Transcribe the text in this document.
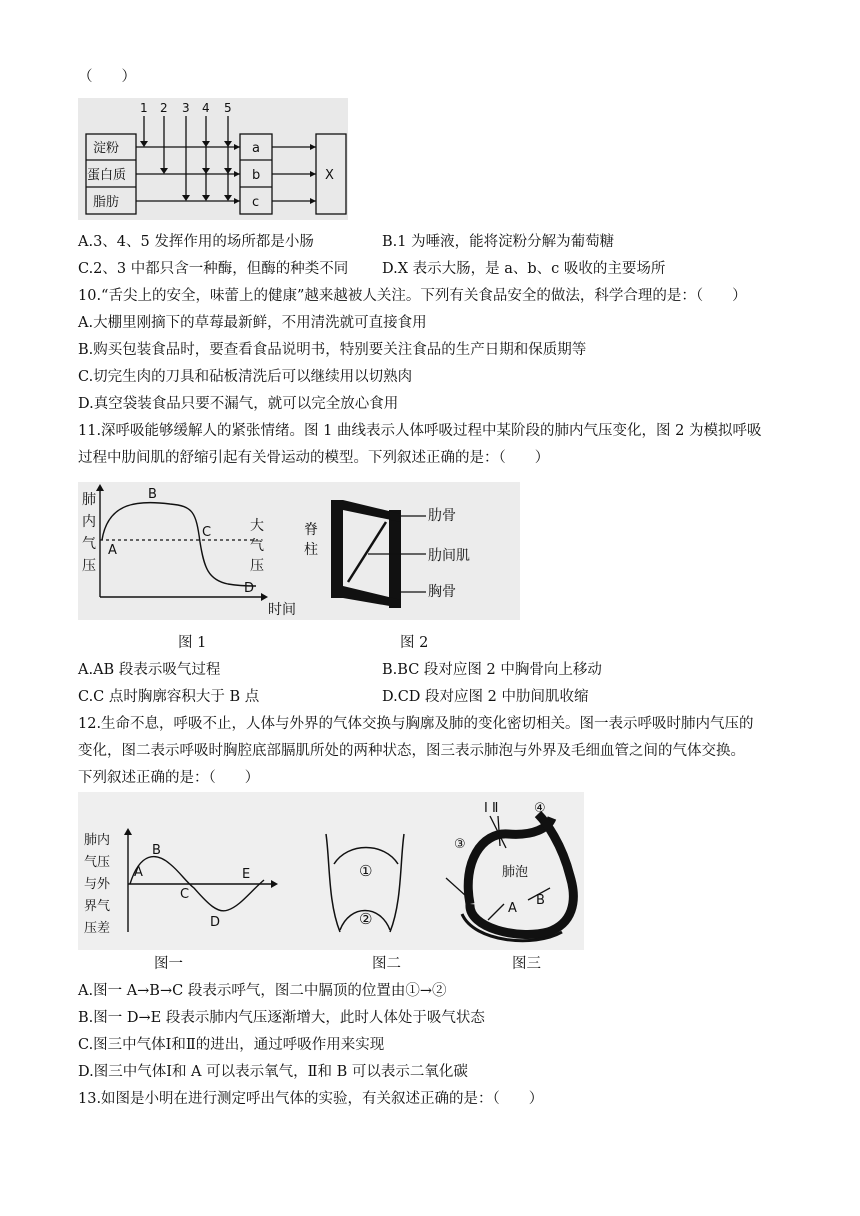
（　　）
1 2 3 4 5
淀粉
蛋白质
脂肪
a
b
c
X
A.3、4、5 发挥作用的场所都是小肠	B.1 为唾液，能将淀粉分解为葡萄糖
C.2、3 中都只含一种酶，但酶的种类不同 D.X 表示大肠，是 a、b、c 吸收的主要场所
10.“舌尖上的安全，味蕾上的健康”越来越被人关注。下列有关食品安全的做法，科学合理的是：（　　）
A.大棚里刚摘下的草莓最新鲜，不用清洗就可直接食用
B.购买包装食品时，要查看食品说明书，特别要关注食品的生产日期和保质期等
C.切完生肉的刀具和砧板清洗后可以继续用以切熟肉
D.真空袋装食品只要不漏气，就可以完全放心食用
11.深呼吸能够缓解人的紧张情绪。图 1 曲线表示人体呼吸过程中某阶段的肺内气压变化，图 2 为模拟呼吸
过程中肋间肌的舒缩引起有关骨运动的模型。下列叙述正确的是：（　　）
肺
内
气
压
A
B
C
D
大
气
压
时间
脊
柱
肋骨
肋间肌
胸骨
图 1	图 2
A.AB 段表示吸气过程	B.BC 段对应图 2 中胸骨向上移动
C.C 点时胸廓容积大于 B 点	D.CD 段对应图 2 中肋间肌收缩
12.生命不息，呼吸不止，人体与外界的气体交换与胸廓及肺的变化密切相关。图一表示呼吸时肺内气压的
变化，图二表示呼吸时胸腔底部膈肌所处的两种状态，图三表示肺泡与外界及毛细血管之间的气体交换。
下列叙述正确的是：（　　）
肺内
气压
与外
界气
压差
A
B
C
D
E	①
②
Ⅰ Ⅱ
③
④
肺泡
A
B
图一	图二	图三
A.图一 A→B→C 段表示呼气，图二中膈顶的位置由①→②
B.图一 D→E 段表示肺内气压逐渐增大，此时人体处于吸气状态
C.图三中气体Ⅰ和Ⅱ的进出，通过呼吸作用来实现
D.图三中气体Ⅰ和 A 可以表示氧气，Ⅱ和 B 可以表示二氧化碳
13.如图是小明在进行测定呼出气体的实验，有关叙述正确的是：（　　）
